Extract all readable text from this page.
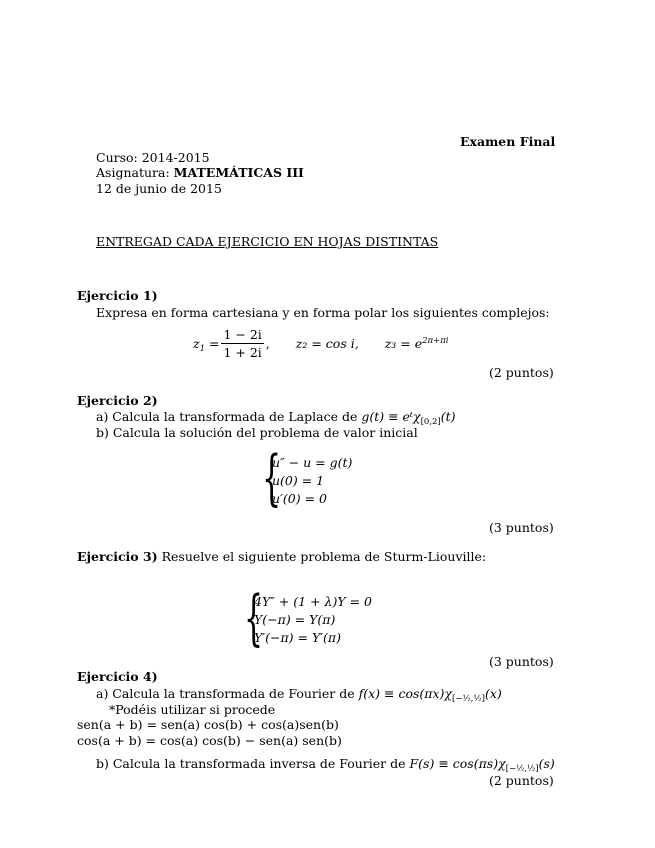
Examen Final
Curso: 2014-2015
Asignatura: MATEMÁTICAS III
12 de junio de 2015
ENTREGAD CADA EJERCICIO EN HOJAS DISTINTAS
Ejercicio 1)
Expresa en forma cartesiana y en forma polar los siguientes complejos:
$z_1 = \frac{1 - 2i}{1 + 2i}$ , z₂ = cos i, $z_3 = e^{2\pi+\pi i}$
(2 puntos)
Ejercicio 2)
a) Calcula la transformada de Laplace de g(t) ≡ eᵗχ$_{[0,2]}$(t)
b) Calcula la solución del problema de valor inicial
{
u″ − u = g(t)
u(0) = 1
u′(0) = 0
(3 puntos)
Ejercicio 3) Resuelve el siguiente problema de Sturm-Liouville:
{
4Y″ + (1 + λ)Y = 0
Y(−π) = Y(π)
Y′(−π) = Y′(π)
(3 puntos)
Ejercicio 4)
a) Calcula la transformada de Fourier de $f(x) \equiv \cos(\pi x)\chi_{[-\frac{1}{2},\frac{1}{2}]}(x)$
*Podéis utilizar si procede
sen(a + b) = sen(a) cos(b) + cos(a)sen(b)
cos(a + b) = cos(a) cos(b) − sen(a) sen(b)
b) Calcula la transformada inversa de Fourier de $F(s) \equiv \cos(\pi s)\chi_{[-\frac{1}{2},\frac{1}{2}]}(s)$
(2 puntos)
